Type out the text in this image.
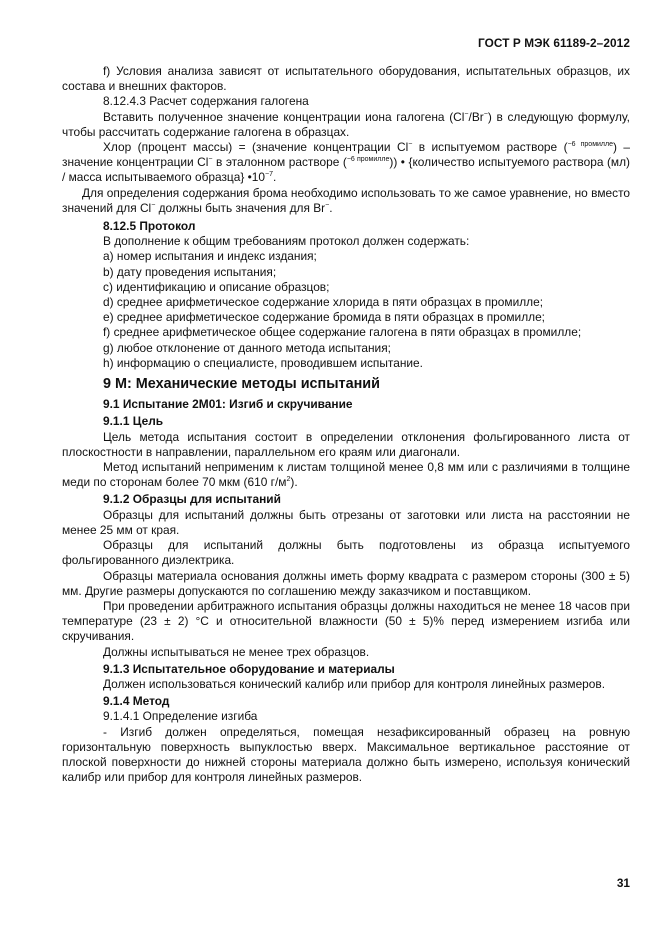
ГОСТ Р МЭК 61189-2–2012

f) Условия анализа зависят от испытательного оборудования, испытательных образцов, их состава и внешних факторов.

8.12.4.3 Расчет содержания галогена

Вставить полученное значение концентрации иона галогена (Cl−/Br−) в следующую формулу, чтобы рассчитать содержание галогена в образцах.

Хлор (процент массы) = (значение концентрации Cl− в испытуемом растворе ($^{-6 промилле}$) – значение концентрации Cl− в эталонном растворе ($^{-6 промилле}$)) • {количество испытуемого раствора (мл) / масса испытываемого образца} $•10^{-7}$.

Для определения содержания брома необходимо использовать то же самое уравнение, но вместо значений для Cl− должны быть значения для Br−.

8.12.5 Протокол

В дополнение к общим требованиям протокол должен содержать:

a) номер испытания и индекс издания;

b) дату проведения испытания;

c) идентификацию и описание образцов;

d) среднее арифметическое содержание хлорида в пяти образцах в промилле;

e) среднее арифметическое содержание бромида в пяти образцах в промилле;

f) среднее арифметическое общее содержание галогена в пяти образцах в промилле;

g) любое отклонение от данного метода испытания;

h) информацию о специалисте, проводившем испытание.

9 М: Механические методы испытаний

9.1 Испытание 2М01: Изгиб и скручивание

9.1.1 Цель

Цель метода испытания состоит в определении отклонения фольгированного листа от плоскостности в направлении, параллельном его краям или диагонали.

Метод испытаний неприменим к листам толщиной менее 0,8 мм или с различиями в толщине меди по сторонам более 70 мкм (610 $г/м^2$).

9.1.2 Образцы для испытаний

Образцы для испытаний должны быть отрезаны от заготовки или листа на расстоянии не менее 25 мм от края.

Образцы для испытаний должны быть подготовлены из образца испытуемого фольгированного диэлектрика.

Образцы материала основания должны иметь форму квадрата с размером стороны (300 ± 5) мм. Другие размеры допускаются по соглашению между заказчиком и поставщиком.

При проведении арбитражного испытания образцы должны находиться не менее 18 часов при температуре (23 ± 2) °С и относительной влажности (50 ± 5)% перед измерением изгиба или скручивания.

Должны испытываться не менее трех образцов.

9.1.3 Испытательное оборудование и материалы

Должен использоваться конический калибр или прибор для контроля линейных размеров.

9.1.4 Метод

9.1.4.1 Определение изгиба

- Изгиб должен определяться, помещая незафиксированный образец на ровную горизонтальную поверхность выпуклостью вверх. Максимальное вертикальное расстояние от плоской поверхности до нижней стороны материала должно быть измерено, используя конический калибр или прибор для контроля линейных размеров.

31
